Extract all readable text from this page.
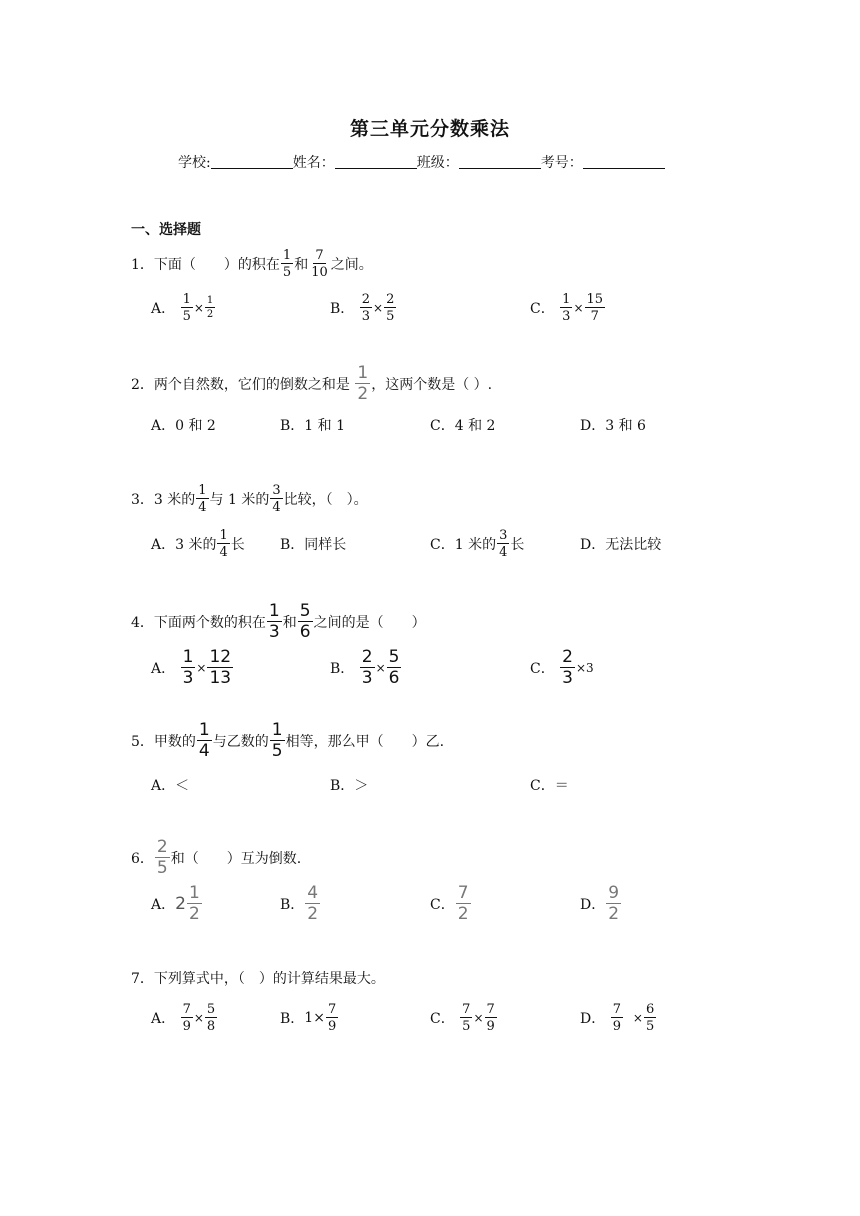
第三单元分数乘法
学校:	姓名：	班级：	考号：
一、选择题
1．下面（　　）的积在 $\frac{1}{5}$ 和 $\frac{7}{10}$ 之间。
A．
$\frac{1}{5} \times \frac{1}{2}$	B．
$\frac{2}{3} \times \frac{2}{5}$	C．
$\frac{1}{3} \times \frac{15}{7}$
2．两个自然数，它们的倒数之和是
$\frac{1}{2}$ ，这两个数是（ ）.
A．0 和 2	B．1 和 1	C．4 和 2	D．3 和 6
3．3 米的 $\frac{1}{4}$ 与 1 米的 $\frac{3}{4}$ 比较，（　）。
A．3 米的 $\frac{1}{4}$ 长	B．同样长	C．1 米的 $\frac{3}{4}$ 长	D．无法比较
4．下面两个数的积在 $\frac{1}{3}$ 和 $\frac{5}{6}$ 之间的是（　　）
A．
$\frac{1}{3} \times \frac{12}{13}$	B．
$\frac{2}{3} \times \frac{5}{6}$	C．
$\frac{2}{3} \times 3$
5．甲数的 $\frac{1}{4}$ 与乙数的 $\frac{1}{5}$ 相等，那么甲（　　）乙.
A．＜	B．＞	C．＝
6． $\frac{2}{5}$ 和（　　）互为倒数.
A． $2 \frac{1}{2}$	B． $\frac{4}{2}$	C． $\frac{7}{2}$	D． $\frac{9}{2}$
7．下列算式中，（　）的计算结果最大。
A．
$\frac{7}{9} \times \frac{5}{8}$	B． $1\times \frac{7}{9}$	C．
$\frac{7}{5} \times \frac{7}{9}$	D．
$\frac{7}{9}$
× $\frac{6}{5}$
